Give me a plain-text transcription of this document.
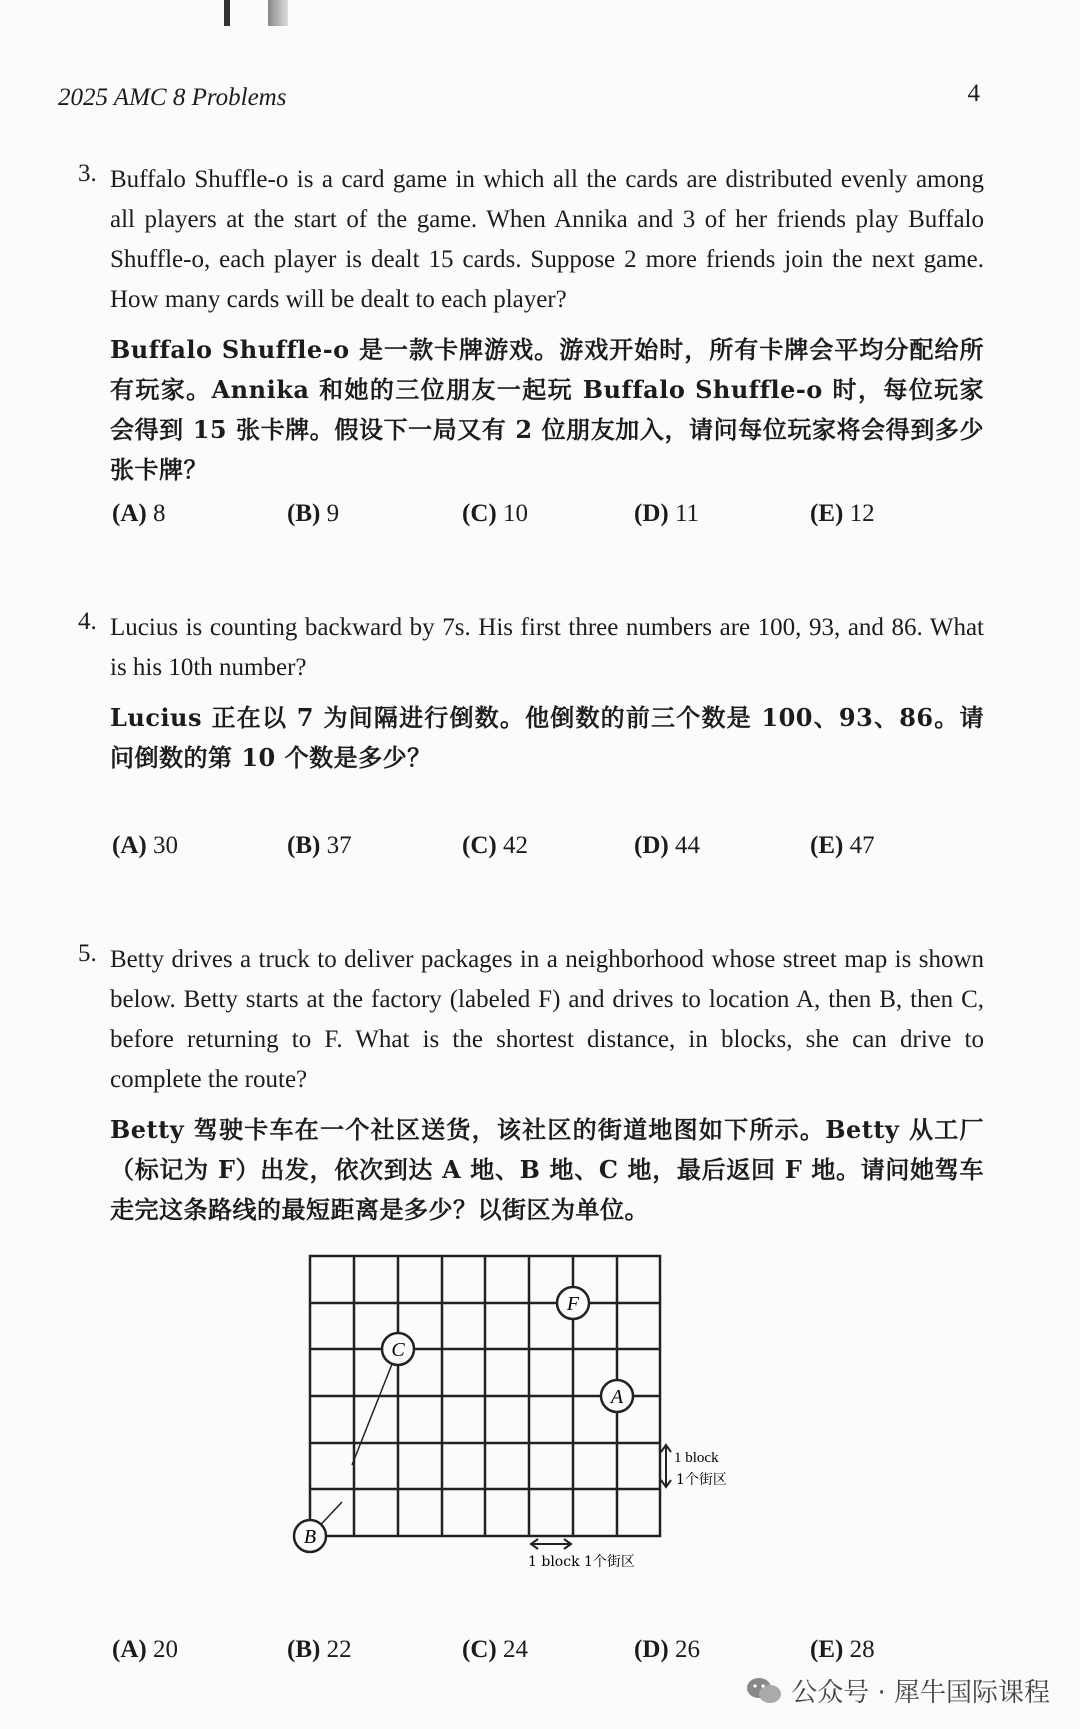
2025 AMC 8 Problems	4
3. Buffalo Shuffle-o is a card game in which all the cards are distributed evenly among all players at the start of the game. When Annika and 3 of her friends play Buffalo Shuffle-o, each player is dealt 15 cards. Suppose 2 more friends join the next game. How many cards will be dealt to each player?
Buffalo Shuffle-o 是一款卡牌游戏。游戏开始时，所有卡牌会平均分配给所有玩家。Annika 和她的三位朋友一起玩 Buffalo Shuffle-o 时，每位玩家会得到 15 张卡牌。假设下一局又有 2 位朋友加入，请问每位玩家将会得到多少张卡牌？
(A) 8	(B) 9	(C) 10	(D) 11	(E) 12
4. Lucius is counting backward by 7s. His first three numbers are 100, 93, and 86. What is his 10th number?
Lucius 正在以 7 为间隔进行倒数。他倒数的前三个数是 100、93、86。请问倒数的第 10 个数是多少？
(A) 30	(B) 37	(C) 42	(D) 44	(E) 47
5. Betty drives a truck to deliver packages in a neighborhood whose street map is shown below. Betty starts at the factory (labeled F) and drives to location A, then B, then C, before returning to F. What is the shortest distance, in blocks, she can drive to complete the route?
Betty 驾驶卡车在一个社区送货，该社区的街道地图如下所示。Betty 从工厂（标记为 F）出发，依次到达 A 地、B 地、C 地，最后返回 F 地。请问她驾车走完这条路线的最短距离是多少？以街区为单位。
F
C
A
B
1 block
1个街区
1 block 1个街区
(A) 20	(B) 22	(C) 24	(D) 26	(E) 28
公众号 · 犀牛国际课程
